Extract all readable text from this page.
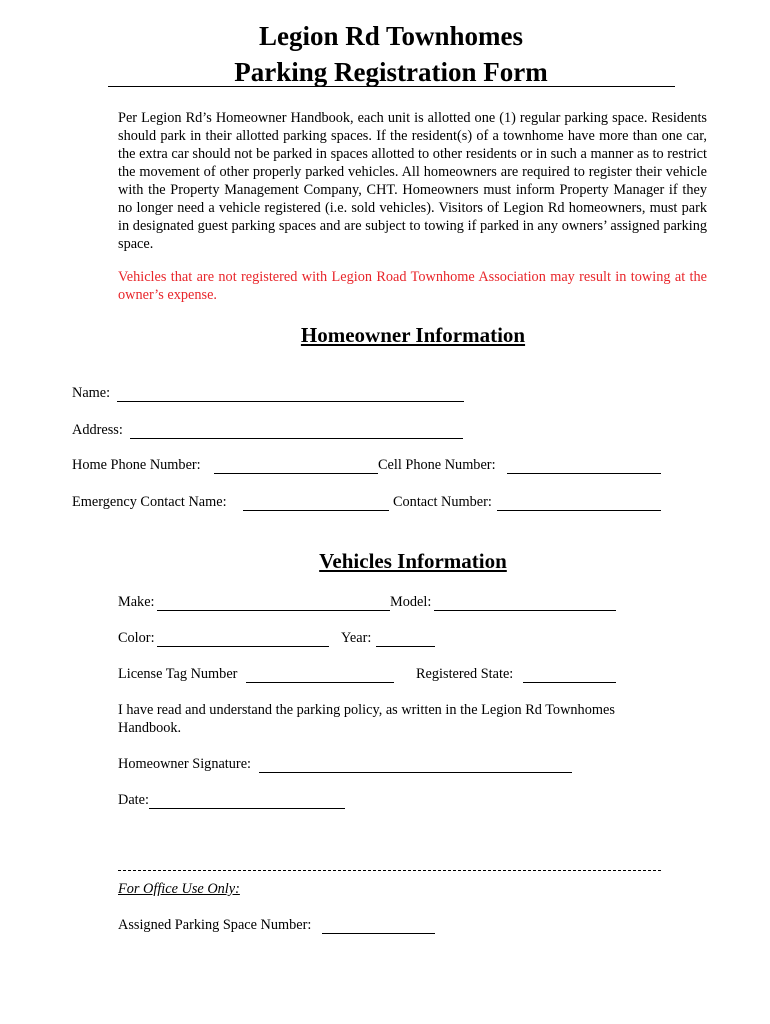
Legion Rd Townhomes
Parking Registration Form

Per Legion Rd’s Homeowner Handbook, each unit is allotted one (1) regular parking space. Residents should park in their allotted parking spaces. If the resident(s) of a townhome have more than one car, the extra car should not be parked in spaces allotted to other residents or in such a manner as to restrict the movement of other properly parked vehicles. All homeowners are required to register their vehicle with the Property Management Company, CHT. Homeowners must inform Property Manager if they no longer need a vehicle registered (i.e. sold vehicles). Visitors of Legion Rd homeowners, must park in designated guest parking spaces and are subject to towing if parked in any owners’ assigned parking space.

Vehicles that are not registered with Legion Road Townhome Association may result in towing at the owner’s expense.

Homeowner Information
Name:
Address:
Home Phone Number:	Cell Phone Number:
Emergency Contact Name:	Contact Number:
Vehicles Information
Make:	Model:
Color:	Year:
License Tag Number	Registered State:

I have read and understand the parking policy, as written in the Legion Rd Townhomes Handbook.

Homeowner Signature:
Date:
For Office Use Only:
Assigned Parking Space Number:
